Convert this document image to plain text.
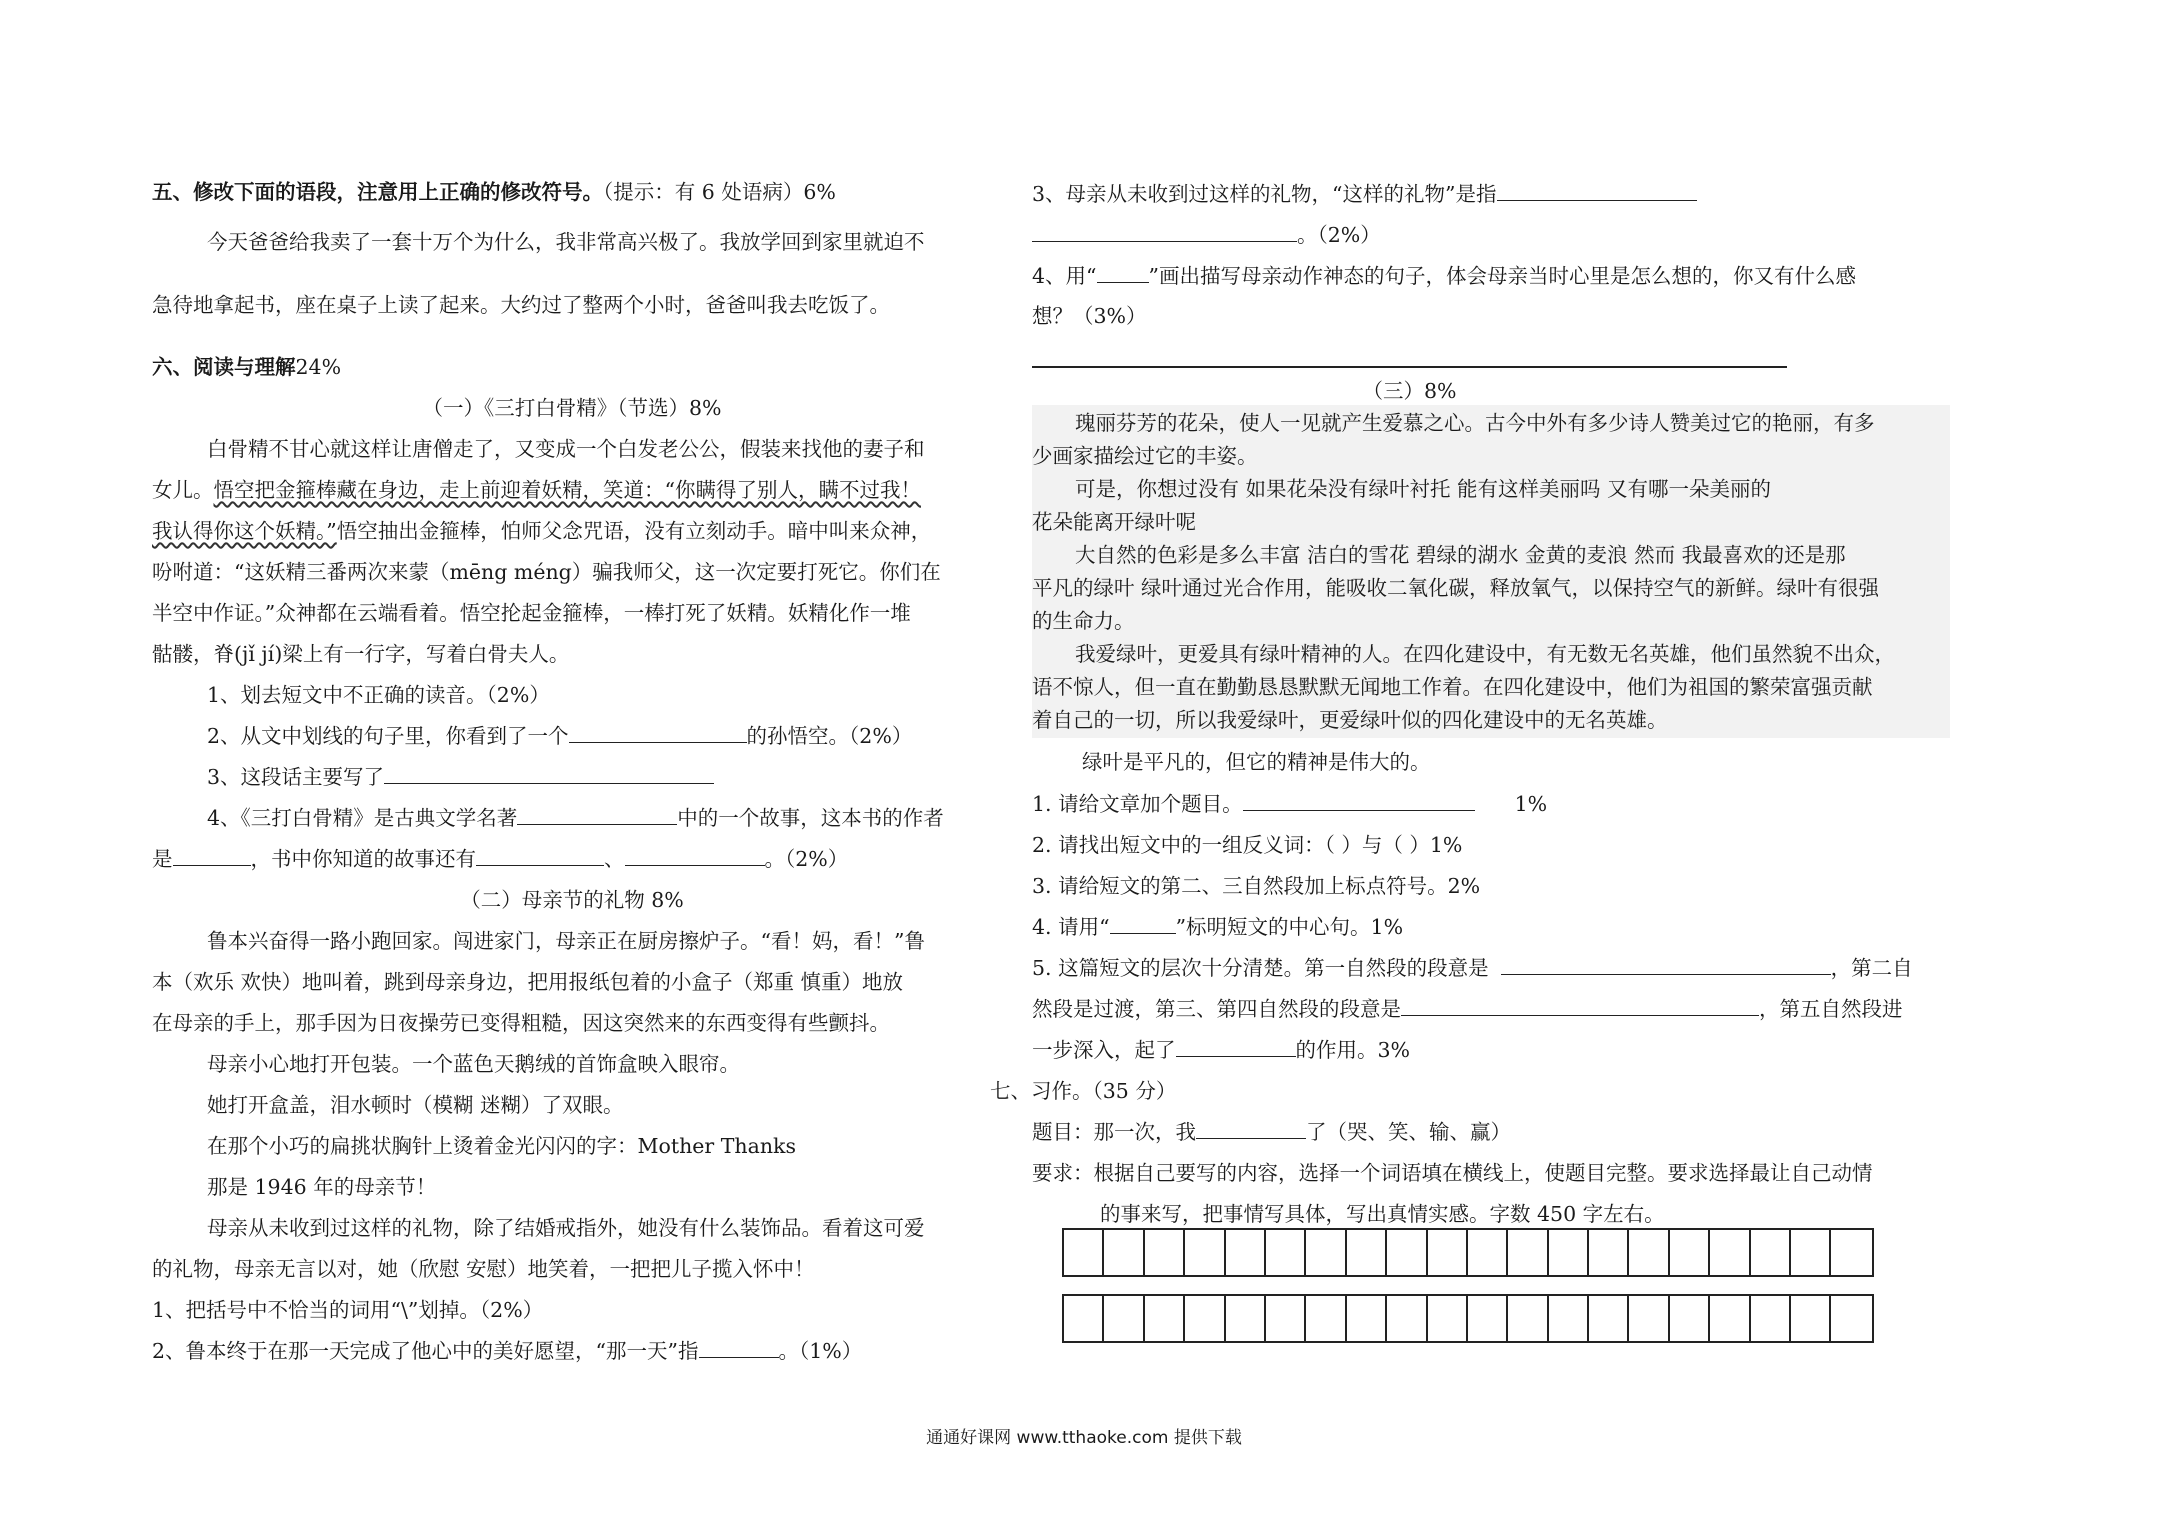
五、修改下面的语段，注意用上正确的修改符号。（提示：有 6 处语病）6%
今天爸爸给我卖了一套十万个为什么，我非常高兴极了。我放学回到家里就迫不
急待地拿起书，座在桌子上读了起来。大约过了整两个小时，爸爸叫我去吃饭了。
六、阅读与理解24%
（一）《三打白骨精》（节选）8%
白骨精不甘心就这样让唐僧走了，又变成一个白发老公公，假装来找他的妻子和
女儿。悟空把金箍棒藏在身边，走上前迎着妖精，笑道：“你瞒得了别人，瞒不过我！
我认得你这个妖精。”悟空抽出金箍棒，怕师父念咒语，没有立刻动手。暗中叫来众神，
吩咐道：“这妖精三番两次来蒙（mēng méng）骗我师父，这一次定要打死它。你们在
半空中作证。”众神都在云端看着。悟空抡起金箍棒，一棒打死了妖精。妖精化作一堆
骷髅，脊(jǐ jí)梁上有一行字，写着白骨夫人。
1、划去短文中不正确的读音。（2%）
2、从文中划线的句子里，你看到了一个	的孙悟空。（2%）
3、这段话主要写了
4、《三打白骨精》是古典文学名著	中的一个故事，这本书的作者
是	，书中你知道的故事还有	、	。（2%）
（二）母亲节的礼物 8%
鲁本兴奋得一路小跑回家。闯进家门，母亲正在厨房擦炉子。“看！妈，看！”鲁
本（欢乐 欢快）地叫着，跳到母亲身边，把用报纸包着的小盒子（郑重 慎重）地放
在母亲的手上，那手因为日夜操劳已变得粗糙，因这突然来的东西变得有些颤抖。
母亲小心地打开包装。一个蓝色天鹅绒的首饰盒映入眼帘。
她打开盒盖，泪水顿时（模糊 迷糊）了双眼。
在那个小巧的扁挑状胸针上烫着金光闪闪的字：Mother Thanks
那是 1946 年的母亲节！
母亲从未收到过这样的礼物，除了结婚戒指外，她没有什么装饰品。看着这可爱
的礼物，母亲无言以对，她（欣慰 安慰）地笑着，一把把儿子揽入怀中！
1、把括号中不恰当的词用“\”划掉。（2%）
2、鲁本终于在那一天完成了他心中的美好愿望，“那一天”指	。（1%）
3、母亲从未收到过这样的礼物，“这样的礼物”是指
。（2%）
4、用“	”画出描写母亲动作神态的句子，体会母亲当时心里是怎么想的，你又有什么感
想？（3%）
（三）8%
瑰丽芬芳的花朵，使人一见就产生爱慕之心。古今中外有多少诗人赞美过它的艳丽，有多
少画家描绘过它的丰姿。
可是，你想过没有 如果花朵没有绿叶衬托 能有这样美丽吗 又有哪一朵美丽的
花朵能离开绿叶呢
大自然的色彩是多么丰富 洁白的雪花 碧绿的湖水 金黄的麦浪 然而 我最喜欢的还是那
平凡的绿叶 绿叶通过光合作用，能吸收二氧化碳，释放氧气，以保持空气的新鲜。绿叶有很强
的生命力。
我爱绿叶，更爱具有绿叶精神的人。在四化建设中，有无数无名英雄，他们虽然貌不出众，
语不惊人，但一直在勤勤恳恳默默无闻地工作着。在四化建设中，他们为祖国的繁荣富强贡献
着自己的一切，所以我爱绿叶，更爱绿叶似的四化建设中的无名英雄。
绿叶是平凡的，但它的精神是伟大的。
1. 请给文章加个题目。	1%
2. 请找出短文中的一组反义词：（ ）与（ ）1%
3. 请给短文的第二、三自然段加上标点符号。2%
4. 请用“	”标明短文的中心句。1%
5. 这篇短文的层次十分清楚。第一自然段的段意是	，第二自
然段是过渡，第三、第四自然段的段意是	，第五自然段进
一步深入，起了	的作用。3%
七、习作。（35 分）
题目：那一次，我	了（哭、笑、输、赢）
要求：根据自己要写的内容，选择一个词语填在横线上，使题目完整。要求选择最让自己动情
的事来写，把事情写具体，写出真情实感。字数 450 字左右。
通通好课网 www.tthaoke.com 提供下载
